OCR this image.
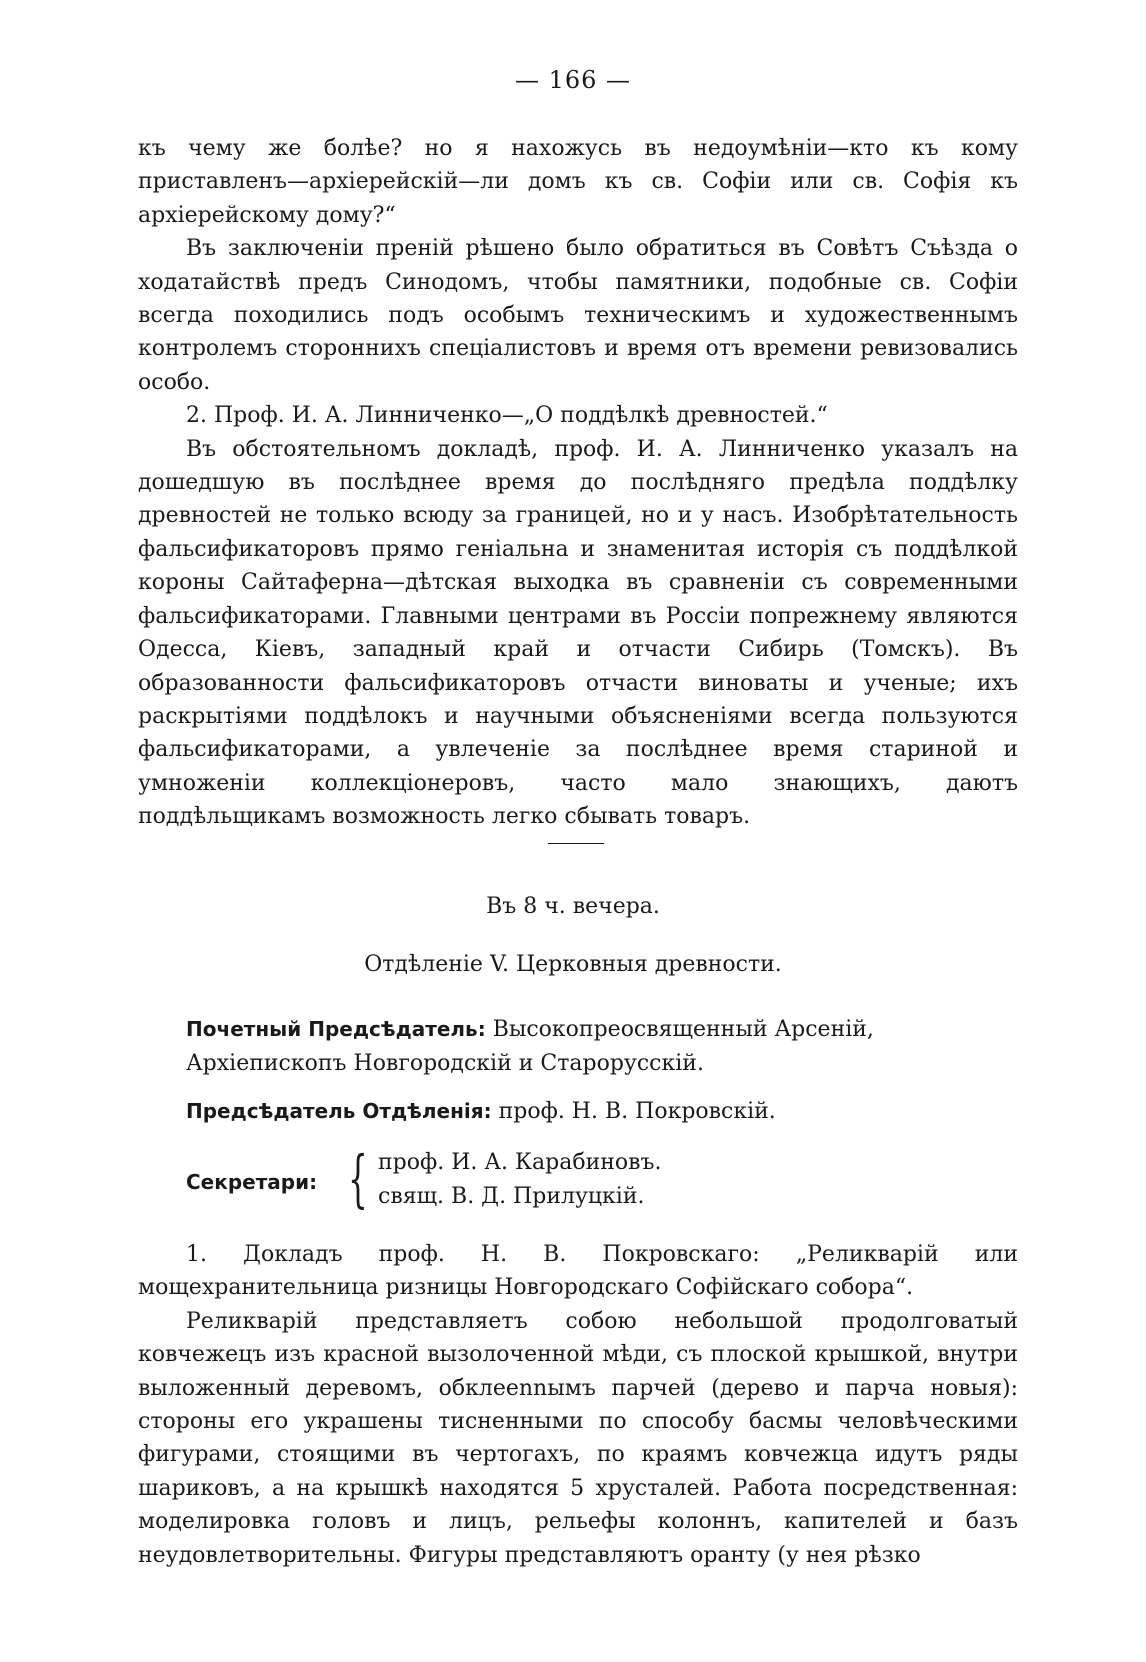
— 166 —

къ чему же болѣе? но я нахожусь въ недоумѣніи—кто къ кому приставленъ—архіерейскій—ли домъ къ св. Софіи или св. Софія къ архіерейскому дому?“

Въ заключеніи преній рѣшено было обратиться въ Совѣтъ Съѣзда о ходатайствѣ предъ Синодомъ, чтобы памятники, подобные св. Софіи всегда походились подъ особымъ техническимъ и художественнымъ контролемъ стороннихъ спеціалистовъ и время отъ времени ревизовались особо.

2. Проф. И. А. Линниченко—„О поддѣлкѣ древностей.“

Въ обстоятельномъ докладѣ, проф. И. А. Линниченко указалъ на дошедшую въ послѣднее время до послѣдняго предѣла поддѣлку древностей не только всюду за границей, но и у насъ. Изобрѣтательность фальсификаторовъ прямо геніальна и знаменитая исторія съ поддѣлкой короны Сайтаферна—дѣтская выходка въ сравненіи съ современными фальсификаторами. Главными центрами въ Россіи попрежнему являются Одесса, Кіевъ, западный край и отчасти Сибирь (Томскъ). Въ образованности фальсификаторовъ отчасти виноваты и ученые; ихъ раскрытіями поддѣлокъ и научными объясненіями всегда пользуются фальсификаторами, а увлеченіе за послѣднее время стариной и умноженіи коллекціонеровъ, часто мало знающихъ, даютъ поддѣльщикамъ возможность легко сбывать товаръ.

Въ 8 ч. вечера.
Отдѣленіе V. Церковныя древности.
Почетный Предсѣдатель: Высокопреосвященный Арсеній, Архіепископъ Новгородскій и Старорусскій.
Предсѣдатель Отдѣленія: проф. Н. В. Покровскій.
Секретари: { проф. И. А. Карабиновъ.
свящ. В. Д. Прилуцкій.

1. Докладъ проф. Н. В. Покровскаго: „Реликварій или мощехранительница ризницы Новгородскаго Софійскаго собора“.

Реликварій представляетъ собою небольшой продолговатый ковчежецъ изъ красной вызолоченной мѣди, съ плоской крышкой, внутри выложенный деревомъ, обклеennымъ парчей (дерево и парча новыя): стороны его украшены тисненными по способу басмы человѣческими фигурами, стоящими въ чертогахъ, по краямъ ковчежца идутъ ряды шариковъ, а на крышкѣ находятся 5 хрусталей. Работа посредственная: моделировка головъ и лицъ, рельефы колоннъ, капителей и базъ неудовлетворительны. Фигуры представляютъ оранту (у нея рѣзко
